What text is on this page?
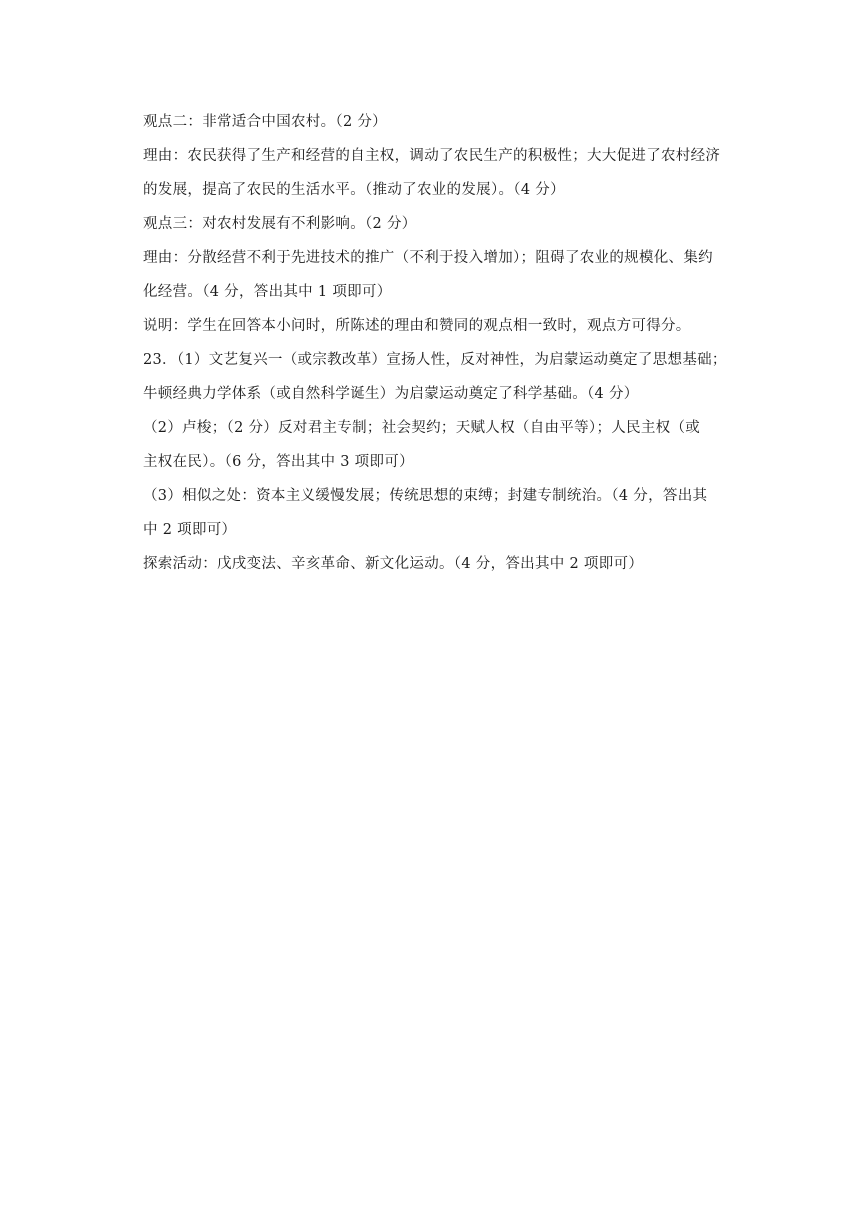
观点二：非常适合中国农村。（2 分）
理由：农民获得了生产和经营的自主权，调动了农民生产的积极性；大大促进了农村经济
的发展，提高了农民的生活水平。（推动了农业的发展）。（4 分）
观点三：对农村发展有不利影响。（2 分）
理由：分散经营不利于先进技术的推广（不利于投入增加）；阻碍了农业的规模化、集约
化经营。（4 分，答出其中 1 项即可）
说明：学生在回答本小问时，所陈述的理由和赞同的观点相一致时，观点方可得分。
23．（1）文艺复兴一（或宗教改革）宣扬人性，反对神性，为启蒙运动奠定了思想基础；
牛顿经典力学体系（或自然科学诞生）为启蒙运动奠定了科学基础。（4 分）
（2）卢梭；（2 分）反对君主专制；社会契约；天赋人权（自由平等）；人民主权（或
主权在民）。（6 分，答出其中 3 项即可）
（3）相似之处：资本主义缓慢发展；传统思想的束缚；封建专制统治。（4 分，答出其
中 2 项即可）
探索活动：戊戌变法、辛亥革命、新文化运动。（4 分，答出其中 2 项即可）
